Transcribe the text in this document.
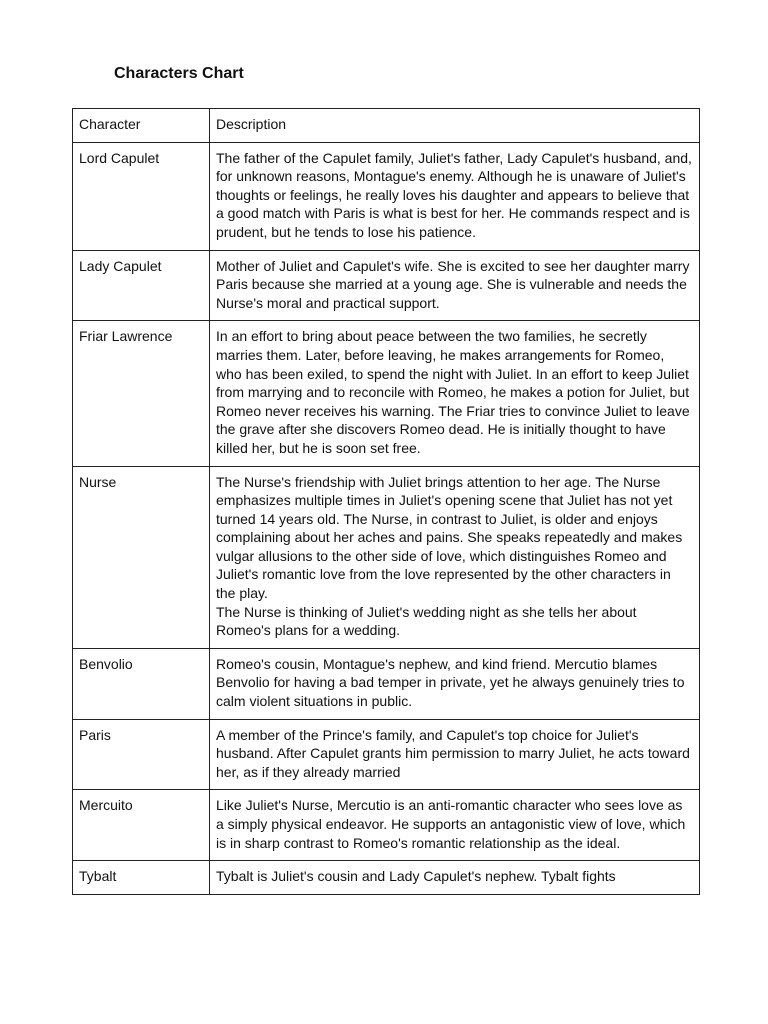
Characters Chart
Character	Description
Lord Capulet	The father of the Capulet family, Juliet's father, Lady Capulet's husband, and, for unknown reasons, Montague's enemy. Although he is unaware of Juliet's thoughts or feelings, he really loves his daughter and appears to believe that a good match with Paris is what is best for her. He commands respect and is prudent, but he tends to lose his patience.
Lady Capulet	Mother of Juliet and Capulet's wife. She is excited to see her daughter marry Paris because she married at a young age. She is vulnerable and needs the Nurse's moral and practical support.
Friar Lawrence	In an effort to bring about peace between the two families, he secretly marries them. Later, before leaving, he makes arrangements for Romeo, who has been exiled, to spend the night with Juliet. In an effort to keep Juliet from marrying and to reconcile with Romeo, he makes a potion for Juliet, but Romeo never receives his warning. The Friar tries to convince Juliet to leave the grave after she discovers Romeo dead. He is initially thought to have killed her, but he is soon set free.
Nurse	The Nurse's friendship with Juliet brings attention to her age. The Nurse emphasizes multiple times in Juliet's opening scene that Juliet has not yet turned 14 years old. The Nurse, in contrast to Juliet, is older and enjoys complaining about her aches and pains. She speaks repeatedly and makes vulgar allusions to the other side of love, which distinguishes Romeo and Juliet's romantic love from the love represented by the other characters in the play.
The Nurse is thinking of Juliet's wedding night as she tells her about Romeo's plans for a wedding.
Benvolio	Romeo's cousin, Montague's nephew, and kind friend. Mercutio blames Benvolio for having a bad temper in private, yet he always genuinely tries to calm violent situations in public.
Paris	A member of the Prince's family, and Capulet's top choice for Juliet's husband. After Capulet grants him permission to marry Juliet, he acts toward her, as if they already married
Mercuito	Like Juliet's Nurse, Mercutio is an anti-romantic character who sees love as a simply physical endeavor. He supports an antagonistic view of love, which is in sharp contrast to Romeo's romantic relationship as the ideal.
Tybalt	Tybalt is Juliet's cousin and Lady Capulet's nephew. Tybalt fights
